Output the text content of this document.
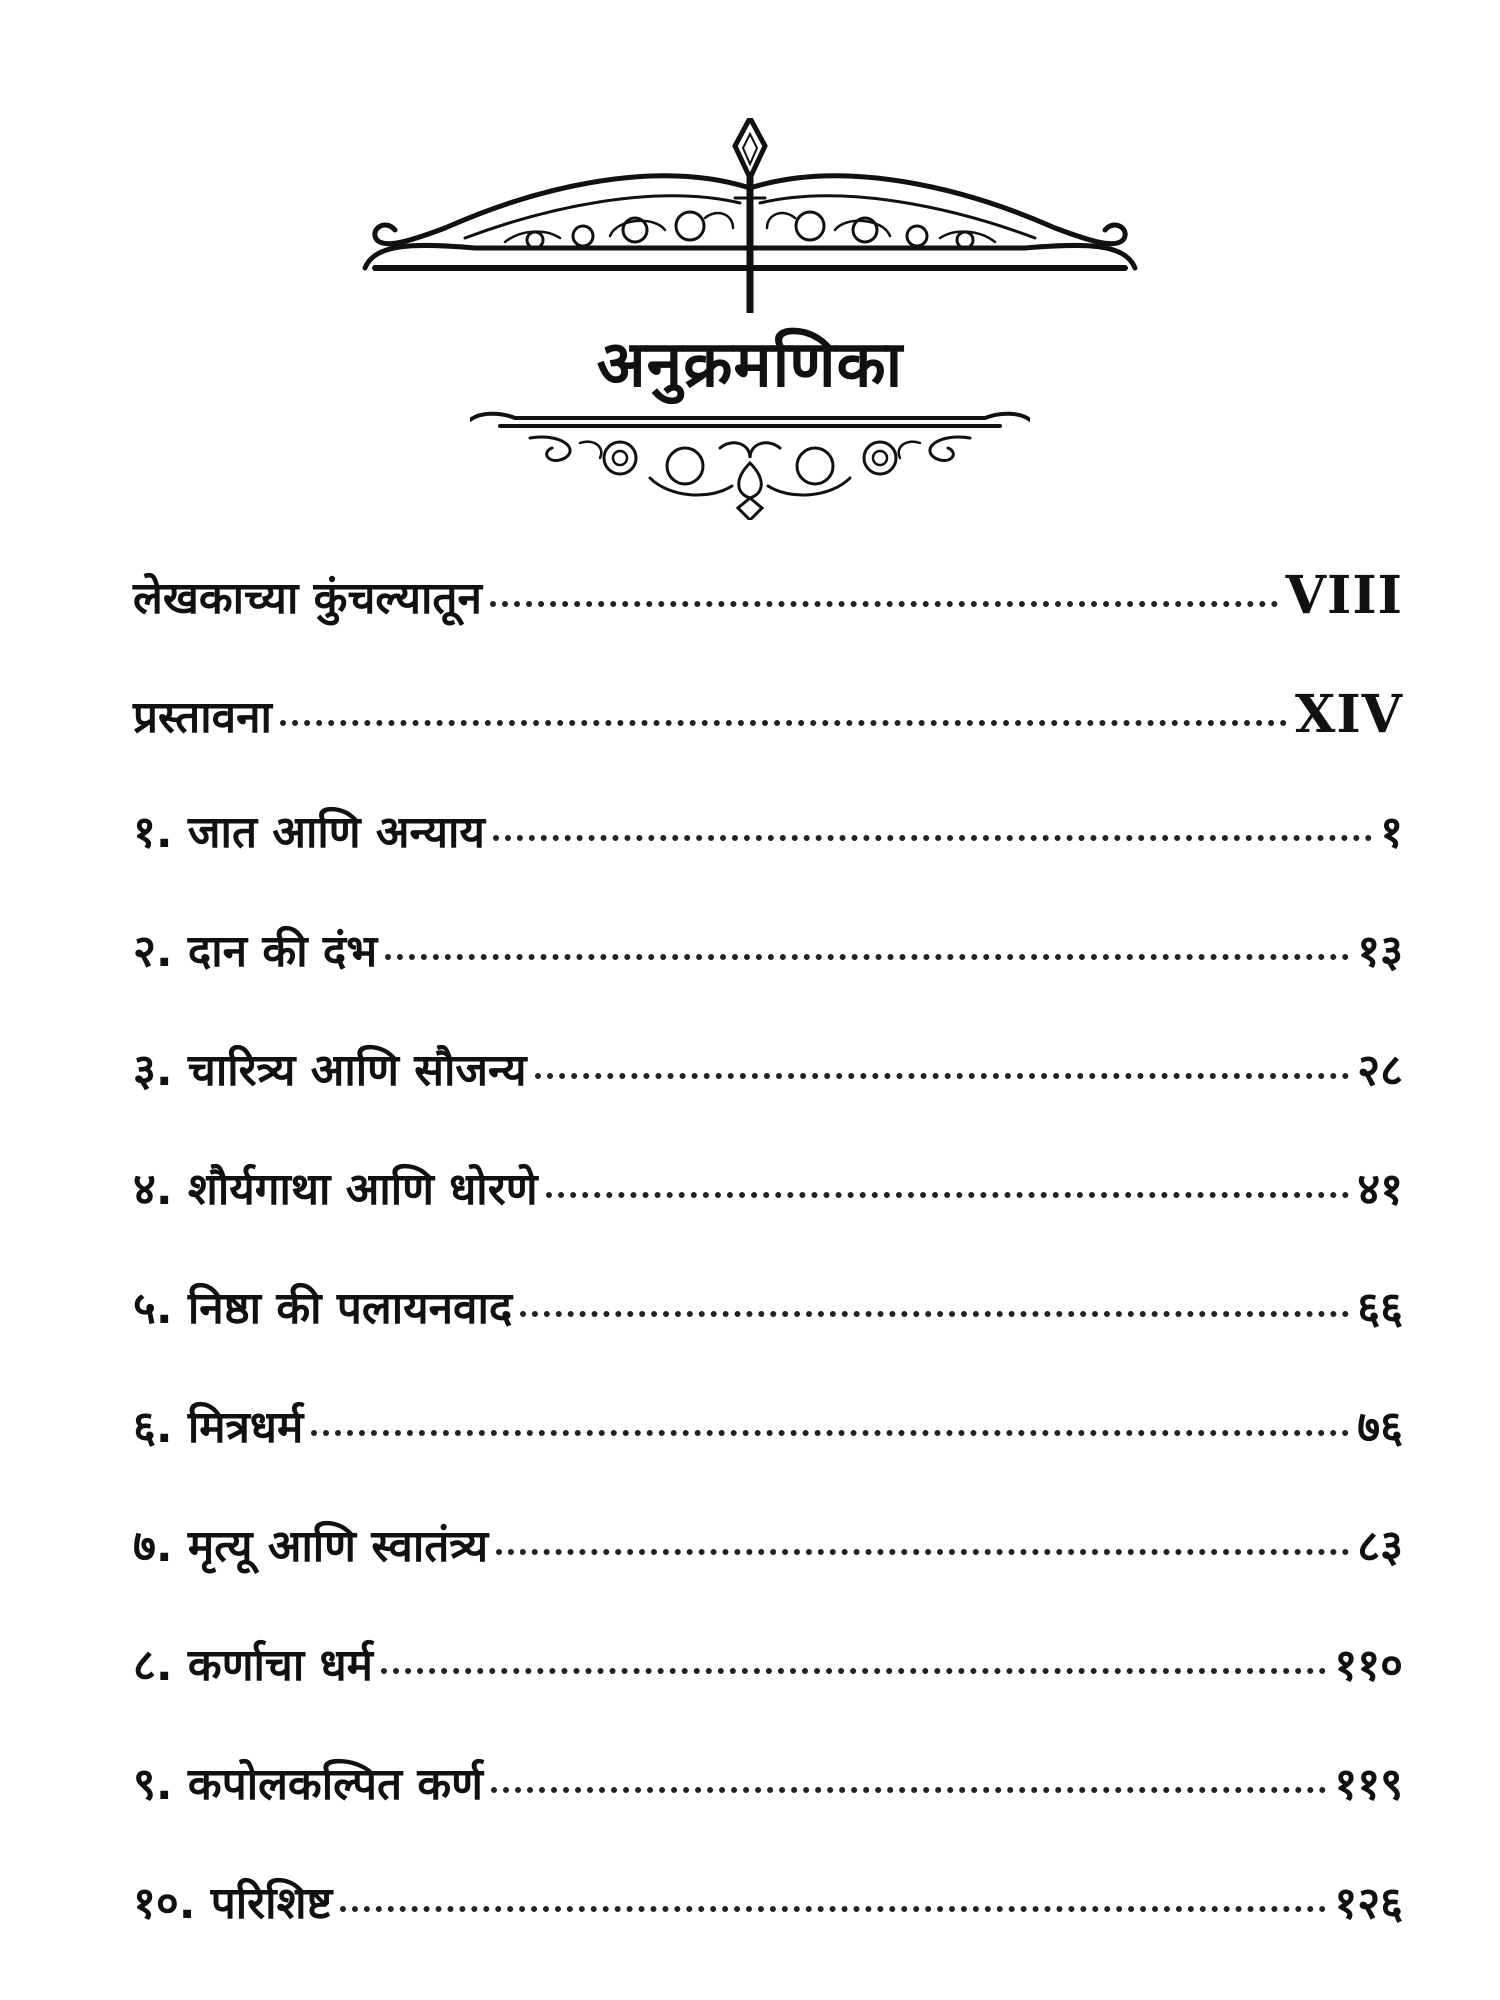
अनुक्रमणिका
लेखकाच्या कुंचल्यातून	VIII
प्रस्तावना	XIV
१. जात आणि अन्याय	१
२. दान की दंभ	१३
३. चारित्र्य आणि सौजन्य	२८
४. शौर्यगाथा आणि धोरणे	४१
५. निष्ठा की पलायनवाद	६६
६. मित्रधर्म	७६
७. मृत्यू आणि स्वातंत्र्य	८३
८. कर्णाचा धर्म	११०
९. कपोलकल्पित कर्ण	११९
१०. परिशिष्ट	१२६
